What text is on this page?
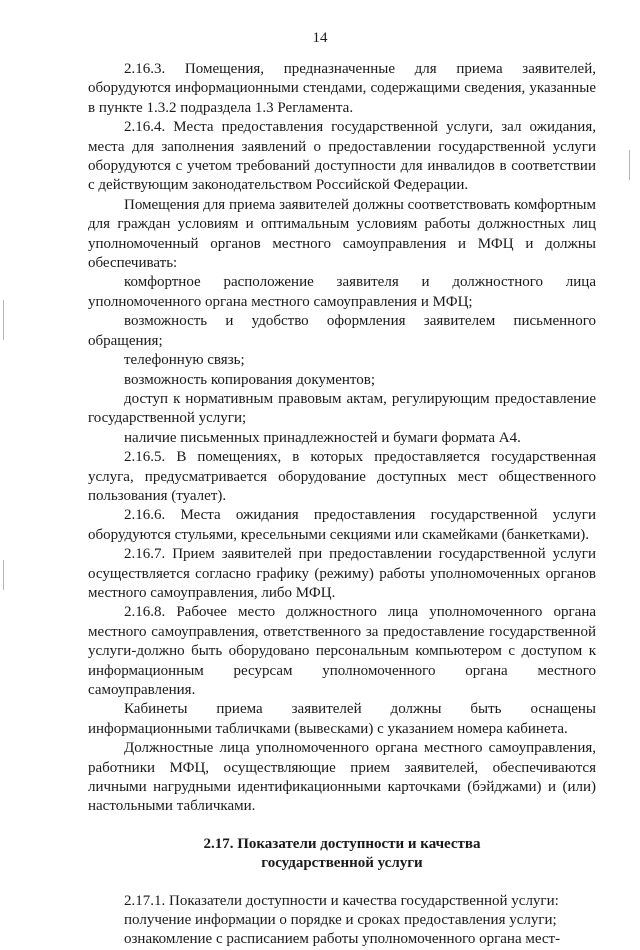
14

2.16.3. Помещения, предназначенные для приема заявителей, оборудуются информационными стендами, содержащими сведения, указанные в пункте 1.3.2 подраздела 1.3 Регламента.

2.16.4. Места предоставления государственной услуги, зал ожидания, места для заполнения заявлений о предоставлении государственной услуги оборудуются с учетом требований доступности для инвалидов в соответствии с действующим законодательством Российской Федерации.

Помещения для приема заявителей должны соответствовать комфортным для граждан условиям и оптимальным условиям работы должностных лиц уполномоченный органов местного самоуправления и МФЦ и должны обеспечивать:

комфортное расположение заявителя и должностного лица уполномоченного органа местного самоуправления и МФЦ;

возможность и удобство оформления заявителем письменного обращения;

телефонную связь;

возможность копирования документов;

доступ к нормативным правовым актам, регулирующим предоставление государственной услуги;

наличие письменных принадлежностей и бумаги формата А4.

2.16.5. В помещениях, в которых предоставляется государственная услуга, предусматривается оборудование доступных мест общественного пользования (туалет).

2.16.6. Места ожидания предоставления государственной услуги оборудуются стульями, кресельными секциями или скамейками (банкетками).

2.16.7. Прием заявителей при предоставлении государственной услуги осуществляется согласно графику (режиму) работы уполномоченных органов местного самоуправления, либо МФЦ.

2.16.8. Рабочее место должностного лица уполномоченного органа местного самоуправления, ответственного за предоставление государственной услуги-должно быть оборудовано персональным компьютером с доступом к информационным ресурсам уполномоченного органа местного самоуправления.

Кабинеты приема заявителей должны быть оснащены информационными табличками (вывесками) с указанием номера кабинета.

Должностные лица уполномоченного органа местного самоуправления, работники МФЦ, осуществляющие прием заявителей, обеспечиваются личными нагрудными идентификационными карточками (бэйджами) и (или) настольными табличками.

2.17. Показатели доступности и качества
государственной услуги

2.17.1. Показатели доступности и качества государственной услуги:

получение информации о порядке и сроках предоставления услуги;

ознакомление с расписанием работы уполномоченного органа мест-
